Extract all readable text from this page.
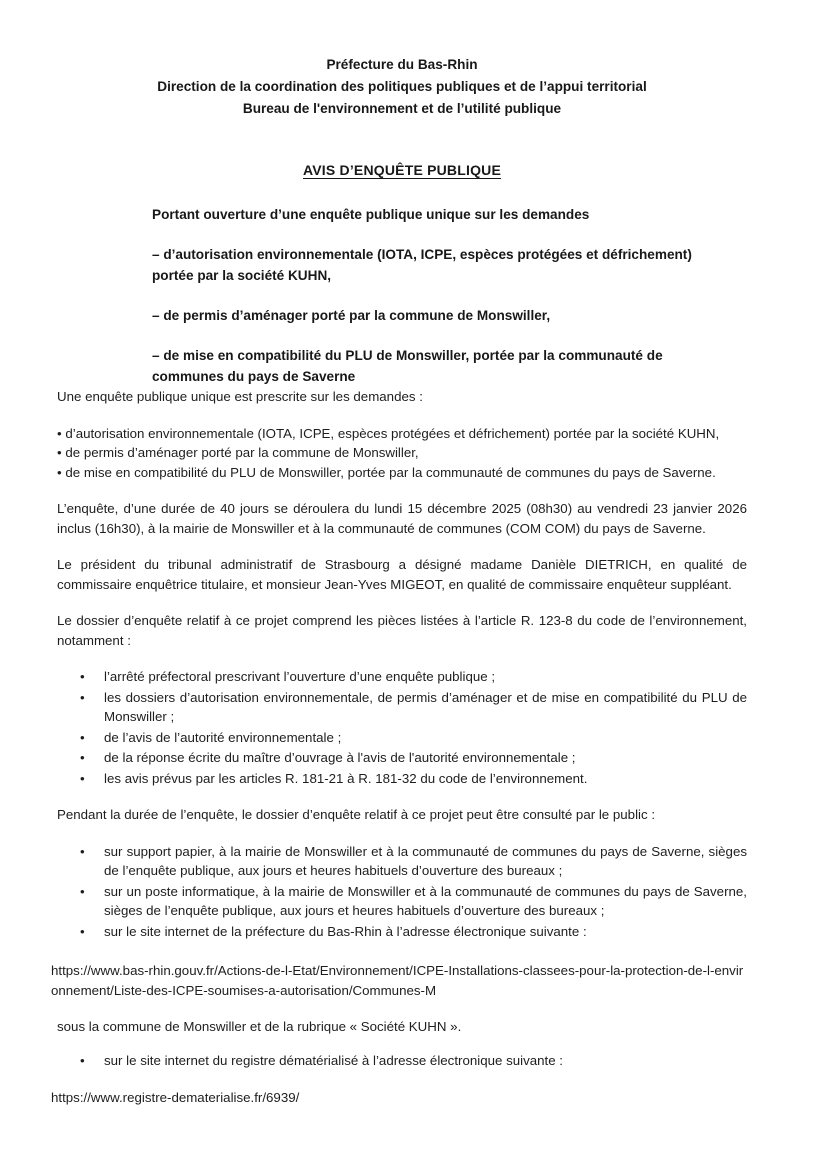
Préfecture du Bas-Rhin
Direction de la coordination des politiques publiques et de l’appui territorial
Bureau de l'environnement et de l’utilité publique
AVIS D’ENQUÊTE PUBLIQUE

Portant ouverture d’une enquête publique unique sur les demandes

– d’autorisation environnementale (IOTA, ICPE, espèces protégées et défrichement) portée par la société KUHN,

– de permis d’aménager porté par la commune de Monswiller,

– de mise en compatibilité du PLU de Monswiller, portée par la communauté de communes du pays de Saverne

Une enquête publique unique est prescrite sur les demandes :

• d’autorisation environnementale (IOTA, ICPE, espèces protégées et défrichement) portée par la société KUHN,

• de permis d’aménager porté par la commune de Monswiller,

• de mise en compatibilité du PLU de Monswiller, portée par la communauté de communes du pays de Saverne.

L’enquête, d’une durée de 40 jours se déroulera du lundi 15 décembre 2025 (08h30) au vendredi 23 janvier 2026 inclus (16h30), à la mairie de Monswiller et à la communauté de communes (COM COM) du pays de Saverne.

Le président du tribunal administratif de Strasbourg a désigné madame Danièle DIETRICH, en qualité de commissaire enquêtrice titulaire, et monsieur Jean-Yves MIGEOT, en qualité de commissaire enquêteur suppléant.

Le dossier d’enquête relatif à ce projet comprend les pièces listées à l’article R. 123-8 du code de l’environnement, notamment :

• l’arrêté préfectoral prescrivant l’ouverture d’une enquête publique ;
• les dossiers d’autorisation environnementale, de permis d’aménager et de mise en compatibilité du PLU de Monswiller ;
• de l’avis de l’autorité environnementale ;
• de la réponse écrite du maître d’ouvrage à l'avis de l'autorité environnementale ;
• les avis prévus par les articles R. 181-21 à R. 181-32 du code de l’environnement.

Pendant la durée de l’enquête, le dossier d’enquête relatif à ce projet peut être consulté par le public :

• sur support papier, à la mairie de Monswiller et à la communauté de communes du pays de Saverne, sièges de l’enquête publique, aux jours et heures habituels d’ouverture des bureaux ;
• sur un poste informatique, à la mairie de Monswiller et à la communauté de communes du pays de Saverne, sièges de l’enquête publique, aux jours et heures habituels d’ouverture des bureaux ;
• sur le site internet de la préfecture du Bas-Rhin à l’adresse électronique suivante :

https://www.bas-rhin.gouv.fr/Actions-de-l-Etat/Environnement/ICPE-Installations-classees-pour-la-protection-de-l-environnement/Liste-des-ICPE-soumises-a-autorisation/Communes-M

sous la commune de Monswiller et de la rubrique « Société KUHN ».

• sur le site internet du registre dématérialisé à l’adresse électronique suivante :

https://www.registre-dematerialise.fr/6939/
